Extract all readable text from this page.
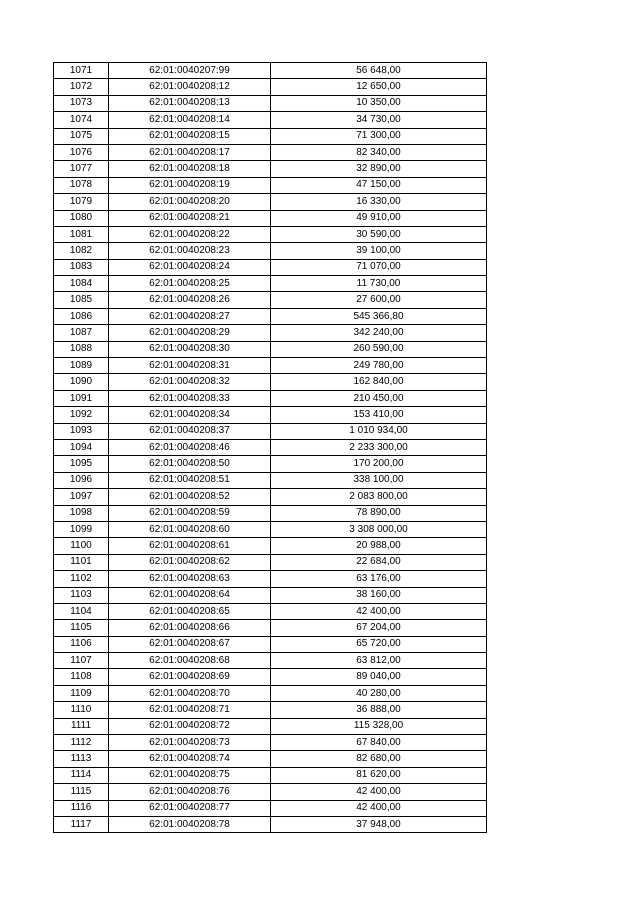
1071	62:01:0040207:99	56 648,00
1072	62:01:0040208:12	12 650,00
1073	62:01:0040208:13	10 350,00
1074	62:01:0040208:14	34 730,00
1075	62:01:0040208:15	71 300,00
1076	62:01:0040208:17	82 340,00
1077	62:01:0040208:18	32 890,00
1078	62:01:0040208:19	47 150,00
1079	62:01:0040208:20	16 330,00
1080	62:01:0040208:21	49 910,00
1081	62:01:0040208:22	30 590,00
1082	62:01:0040208:23	39 100,00
1083	62:01:0040208:24	71 070,00
1084	62:01:0040208:25	11 730,00
1085	62:01:0040208:26	27 600,00
1086	62:01:0040208:27	545 366,80
1087	62:01:0040208:29	342 240,00
1088	62:01:0040208:30	260 590,00
1089	62:01:0040208:31	249 780,00
1090	62:01:0040208:32	162 840,00
1091	62:01:0040208:33	210 450,00
1092	62:01:0040208:34	153 410,00
1093	62:01:0040208:37	1 010 934,00
1094	62:01:0040208:46	2 233 300,00
1095	62:01:0040208:50	170 200,00
1096	62:01:0040208:51	338 100,00
1097	62:01:0040208:52	2 083 800,00
1098	62:01:0040208:59	78 890,00
1099	62:01:0040208:60	3 308 000,00
1100	62:01:0040208:61	20 988,00
1101	62:01:0040208:62	22 684,00
1102	62:01:0040208:63	63 176,00
1103	62:01:0040208:64	38 160,00
1104	62:01:0040208:65	42 400,00
1105	62:01:0040208:66	67 204,00
1106	62:01:0040208:67	65 720,00
1107	62:01:0040208:68	63 812,00
1108	62:01:0040208:69	89 040,00
1109	62:01:0040208:70	40 280,00
1110	62:01:0040208:71	36 888,00
1111	62:01:0040208:72	115 328,00
1112	62:01:0040208:73	67 840,00
1113	62:01:0040208:74	82 680,00
1114	62:01:0040208:75	81 620,00
1115	62:01:0040208:76	42 400,00
1116	62:01:0040208:77	42 400,00
1117	62:01:0040208:78	37 948,00
